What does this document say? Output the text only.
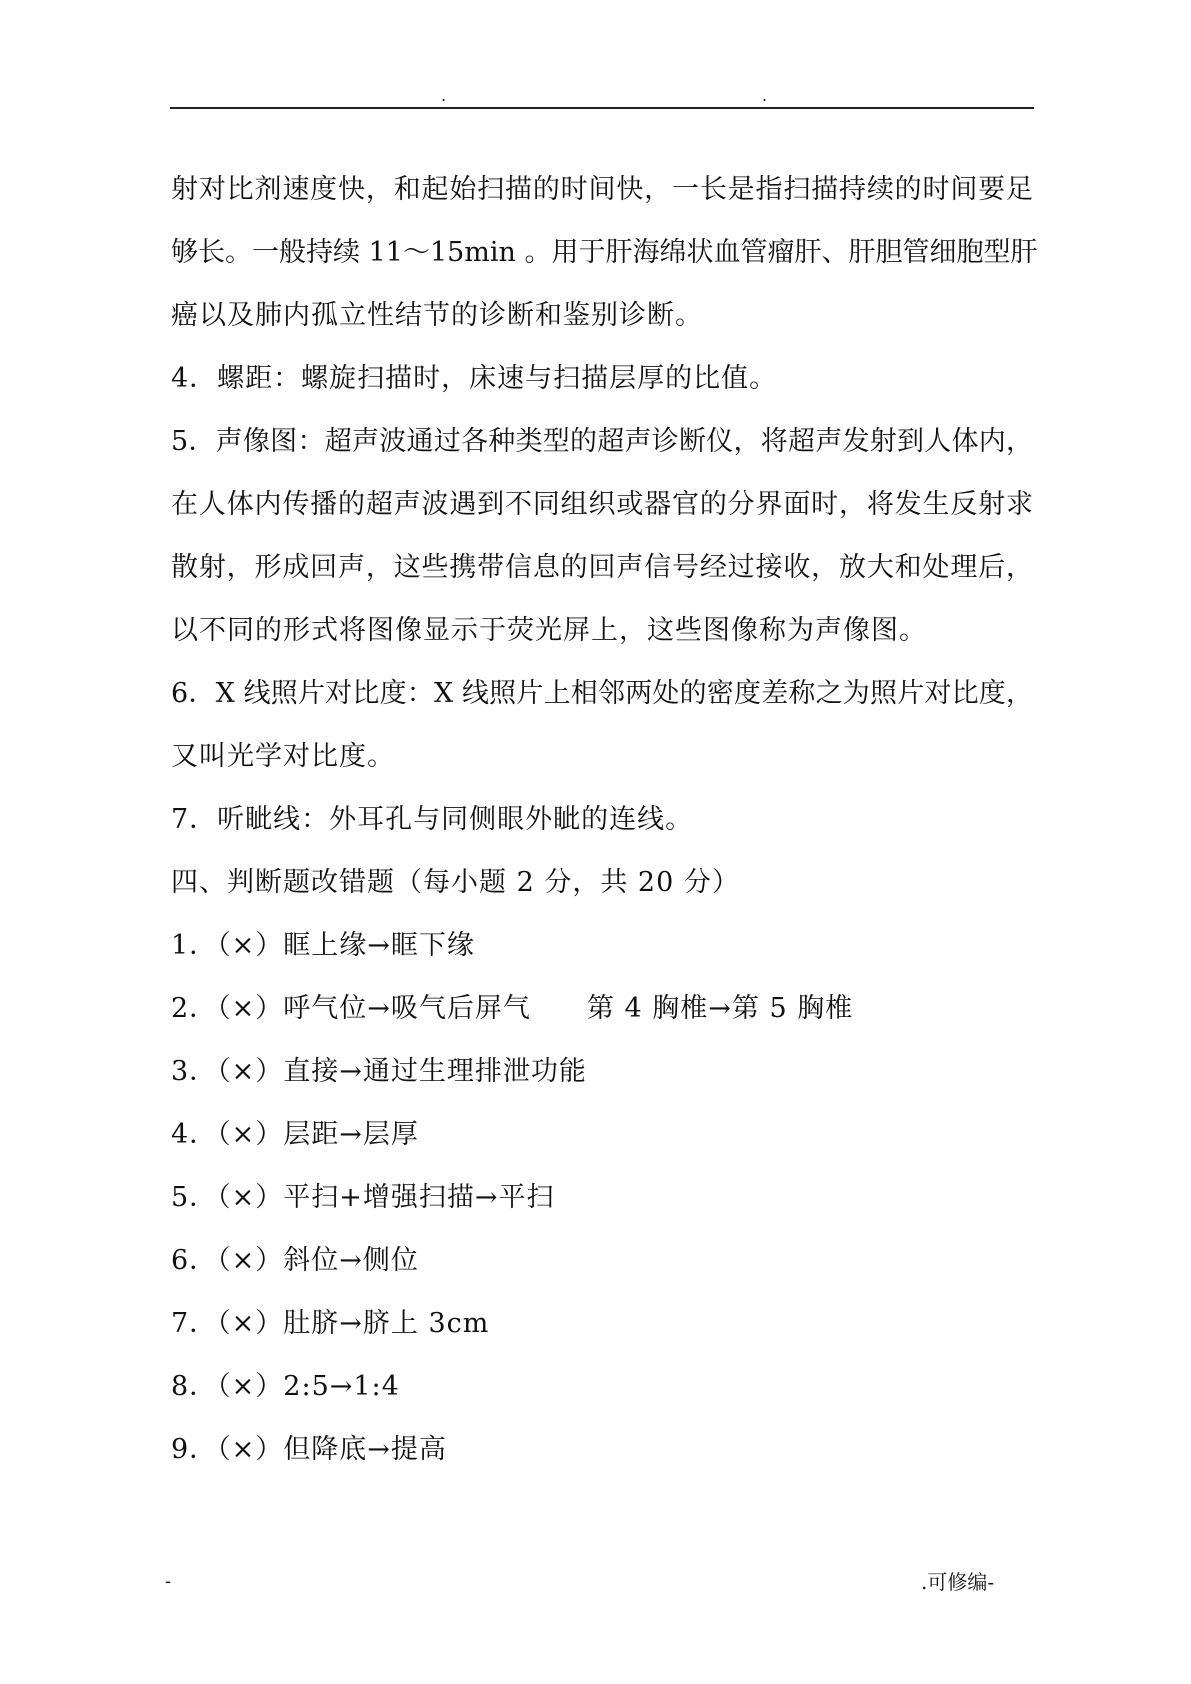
.	.
射对比剂速度快，和起始扫描的时间快，一长是指扫描持续的时间要足
够长。一般持续 11～15min 。用于肝海绵状血管瘤肝、肝胆管细胞型肝
癌以及肺内孤立性结节的诊断和鉴别诊断。
4．螺距：螺旋扫描时，床速与扫描层厚的比值。
5．声像图：超声波通过各种类型的超声诊断仪，将超声发射到人体内，
在人体内传播的超声波遇到不同组织或器官的分界面时，将发生反射求
散射，形成回声，这些携带信息的回声信号经过接收，放大和处理后，
以不同的形式将图像显示于荧光屏上，这些图像称为声像图。
6．X 线照片对比度：X 线照片上相邻两处的密度差称之为照片对比度，
又叫光学对比度。
7．听眦线：外耳孔与同侧眼外眦的连线。
四、判断题改错题（每小题 2 分，共 20 分）
1．（×）眶上缘→眶下缘
2．（×）呼气位→吸气后屏气　　第 4 胸椎→第 5 胸椎
3．（×）直接→通过生理排泄功能
4．（×）层距→层厚
5．（×）平扫+增强扫描→平扫
6．（×）斜位→侧位
7．（×）肚脐→脐上 3cm
8．（×）2:5→1:4
9．（×）但降底→提高
-	.可修编-
